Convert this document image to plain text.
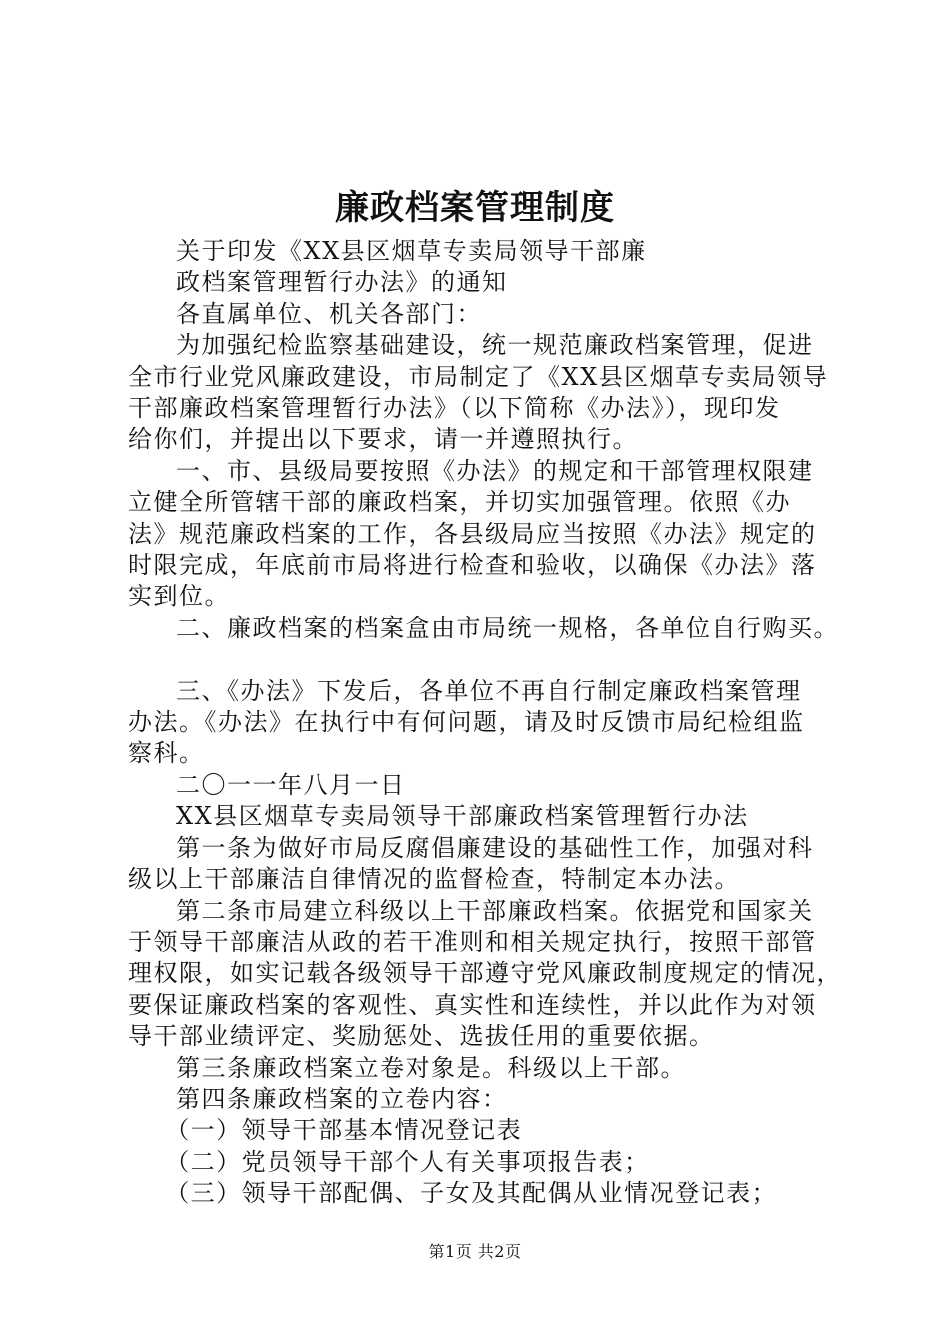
廉政档案管理制度

关于印发《XX县区烟草专卖局领导干部廉

政档案管理暂行办法》的通知

各直属单位、机关各部门：

为加强纪检监察基础建设，统一规范廉政档案管理，促进

全市行业党风廉政建设，市局制定了《XX县区烟草专卖局领导

干部廉政档案管理暂行办法》（以下简称《办法》），现印发

给你们，并提出以下要求，请一并遵照执行。

一、市、县级局要按照《办法》的规定和干部管理权限建

立健全所管辖干部的廉政档案，并切实加强管理。依照《办

法》规范廉政档案的工作，各县级局应当按照《办法》规定的

时限完成，年底前市局将进行检查和验收，以确保《办法》落

实到位。

二、廉政档案的档案盒由市局统一规格，各单位自行购买。

三、《办法》下发后，各单位不再自行制定廉政档案管理

办法。《办法》在执行中有何问题，请及时反馈市局纪检组监

察科。

二〇一一年八月一日

XX县区烟草专卖局领导干部廉政档案管理暂行办法

第一条为做好市局反腐倡廉建设的基础性工作，加强对科

级以上干部廉洁自律情况的监督检查，特制定本办法。

第二条市局建立科级以上干部廉政档案。依据党和国家关

于领导干部廉洁从政的若干准则和相关规定执行，按照干部管

理权限，如实记载各级领导干部遵守党风廉政制度规定的情况，

要保证廉政档案的客观性、真实性和连续性，并以此作为对领

导干部业绩评定、奖励惩处、选拔任用的重要依据。

第三条廉政档案立卷对象是。科级以上干部。

第四条廉政档案的立卷内容：

（一）领导干部基本情况登记表

（二）党员领导干部个人有关事项报告表；

（三）领导干部配偶、子女及其配偶从业情况登记表；

第1页 共2页
